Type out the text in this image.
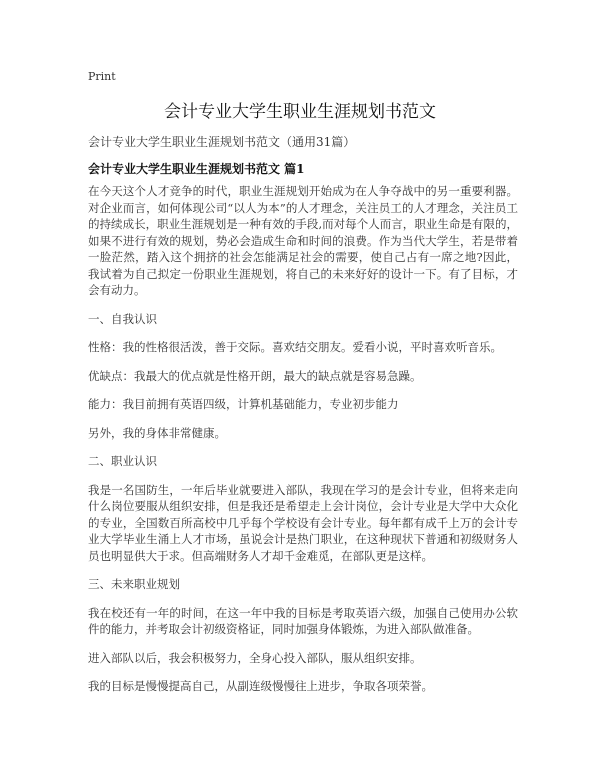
Print
会计专业大学生职业生涯规划书范文
会计专业大学生职业生涯规划书范文（通用31篇）
会计专业大学生职业生涯规划书范文 篇1

在今天这个人才竞争的时代，职业生涯规划开始成为在人争夺战中的另一重要利器。对企业而言，如何体现公司“以人为本”的人才理念，关注员工的人才理念，关注员工的持续成长，职业生涯规划是一种有效的手段,而对每个人而言，职业生命是有限的，如果不进行有效的规划，势必会造成生命和时间的浪费。作为当代大学生，若是带着一脸茫然，踏入这个拥挤的社会怎能满足社会的需要，使自己占有一席之地?因此，我试着为自己拟定一份职业生涯规划，将自己的未来好好的设计一下。有了目标，才会有动力。

一、自我认识

性格：我的性格很活泼，善于交际。喜欢结交朋友。爱看小说，平时喜欢听音乐。

优缺点：我最大的优点就是性格开朗，最大的缺点就是容易急躁。

能力：我目前拥有英语四级，计算机基础能力，专业初步能力

另外，我的身体非常健康。

二、职业认识

我是一名国防生，一年后毕业就要进入部队，我现在学习的是会计专业，但将来走向什么岗位要服从组织安排，但是我还是希望走上会计岗位，会计专业是大学中大众化的专业，全国数百所高校中几乎每个学校设有会计专业。每年都有成千上万的会计专业大学毕业生涌上人才市场，虽说会计是热门职业，在这种现状下普通和初级财务人员也明显供大于求。但高端财务人才却千金难觅，在部队更是这样。

三、未来职业规划

我在校还有一年的时间，在这一年中我的目标是考取英语六级，加强自己使用办公软件的能力，并考取会计初级资格证，同时加强身体锻炼，为进入部队做准备。

进入部队以后，我会积极努力，全身心投入部队，服从组织安排。

我的目标是慢慢提高自己，从副连级慢慢往上进步，争取各项荣誉。
